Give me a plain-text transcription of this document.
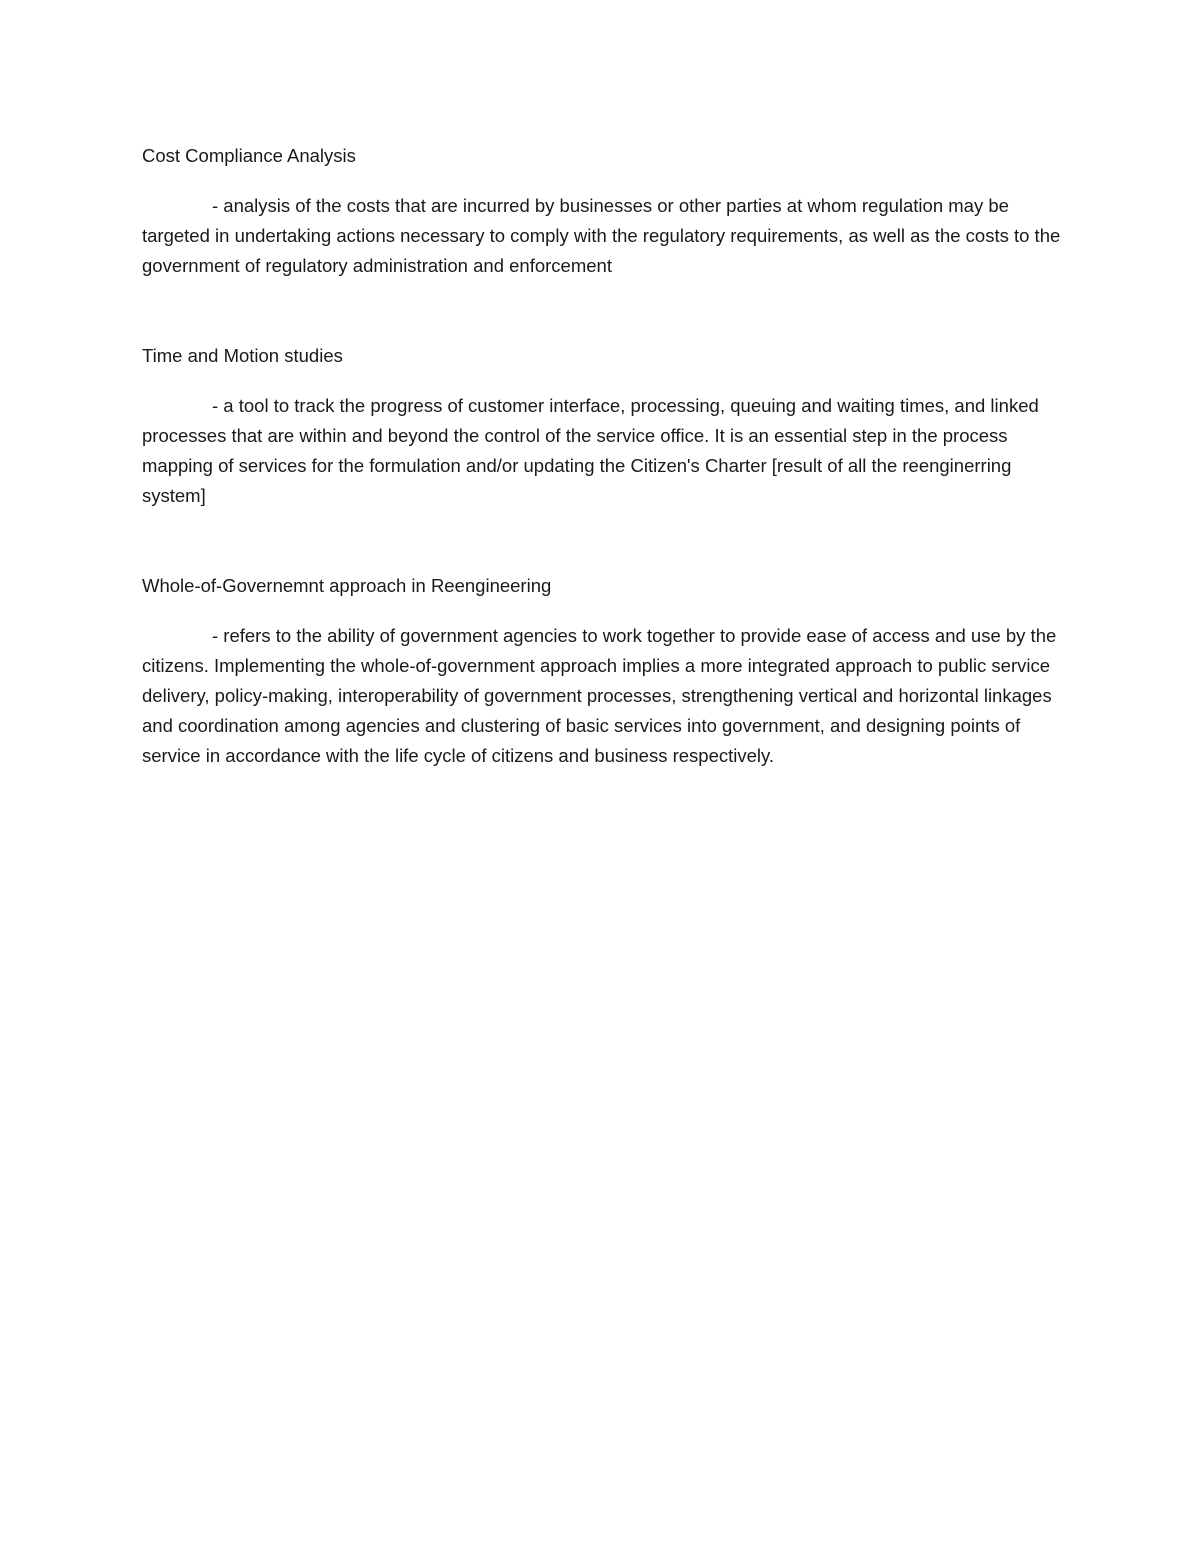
Cost Compliance Analysis

- analysis of the costs that are incurred by businesses or other parties at whom regulation may be targeted in undertaking actions necessary to comply with the regulatory requirements, as well as the costs to the government of regulatory administration and enforcement

Time and Motion studies

- a tool to track the progress of customer interface, processing, queuing and waiting times, and linked processes that are within and beyond the control of the service office. It is an essential step in the process mapping of services for the formulation and/or updating the Citizen's Charter [result of all the reenginerring system]

Whole-of-Governemnt approach in Reengineering

- refers to the ability of government agencies to work together to provide ease of access and use by the citizens. Implementing the whole-of-government approach implies a more integrated approach to public service delivery, policy-making, interoperability of government processes, strengthening vertical and horizontal linkages and coordination among agencies and clustering of basic services into government, and designing points of service in accordance with the life cycle of citizens and business respectively.
